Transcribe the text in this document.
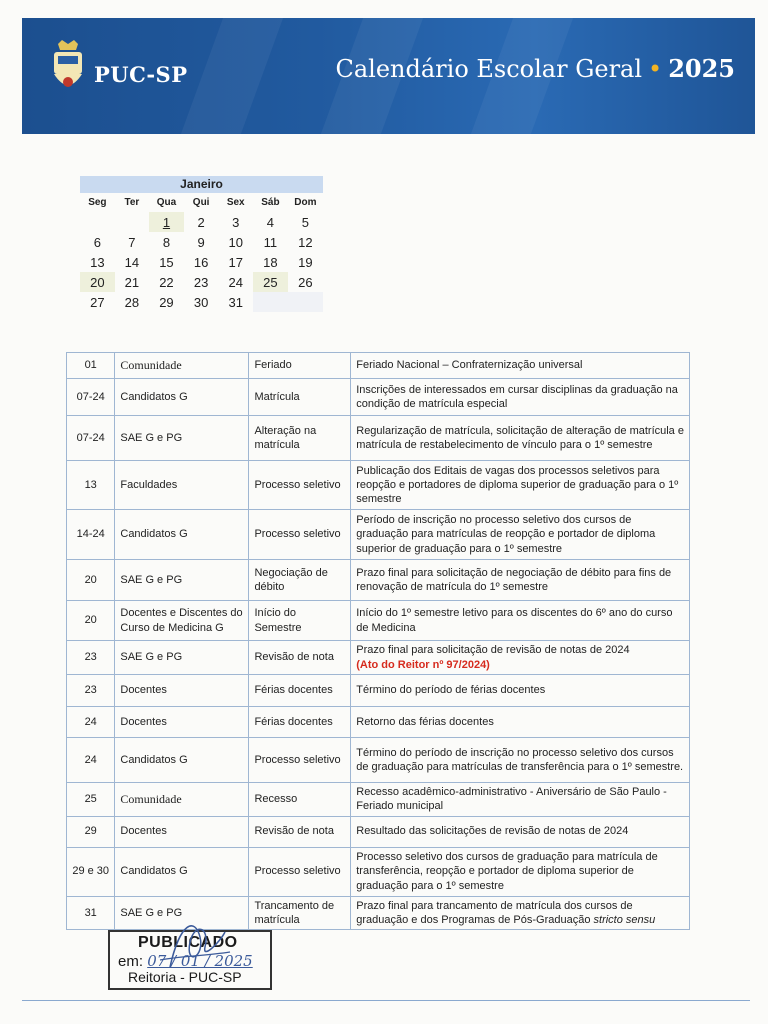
PUC-SP	Calendário Escolar Geral • 2025
Janeiro
Seg	Ter	Qua	Qui	Sex	Sáb	Dom
		1	2	3	4	5
6	7	8	9	10	11	12
13	14	15	16	17	18	19
20	21	22	23	24	25	26
27	28	29	30	31		
01	Comunidade	Feriado	Feriado Nacional – Confraternização universal
07-24	Candidatos G	Matrícula	Inscrições de interessados em cursar disciplinas da graduação na condição de matrícula especial
07-24	SAE G e PG	Alteração na matrícula	Regularização de matrícula, solicitação de alteração de matrícula e matrícula de restabelecimento de vínculo para o 1º semestre
13	Faculdades	Processo seletivo	Publicação dos Editais de vagas dos processos seletivos para reopção e portadores de diploma superior de graduação para o 1º semestre
14-24	Candidatos G	Processo seletivo	Período de inscrição no processo seletivo dos cursos de graduação para matrículas de reopção e portador de diploma superior de graduação para o 1º semestre
20	SAE G e PG	Negociação de débito	Prazo final para solicitação de negociação de débito para fins de renovação de matrícula do 1º semestre
20	Docentes e Discentes do Curso de Medicina G	Início do Semestre	Início do 1º semestre letivo para os discentes do 6º ano do curso de Medicina
23	SAE G e PG	Revisão de nota	Prazo final para solicitação de revisão de notas de 2024
(Ato do Reitor nº 97/2024)
23	Docentes	Férias docentes	Término do período de férias docentes
24	Docentes	Férias docentes	Retorno das férias docentes
24	Candidatos G	Processo seletivo	Término do período de inscrição no processo seletivo dos cursos de graduação para matrículas de transferência para o 1º semestre.
25	Comunidade	Recesso	Recesso acadêmico-administrativo - Aniversário de São Paulo - Feriado municipal
29	Docentes	Revisão de nota	Resultado das solicitações de revisão de notas de 2024
29 e 30	Candidatos G	Processo seletivo	Processo seletivo dos cursos de graduação para matrícula de transferência, reopção e portador de diploma superior de graduação para o 1º semestre
31	SAE G e PG	Trancamento de matrícula	Prazo final para trancamento de matrícula dos cursos de graduação e dos Programas de Pós-Graduação stricto sensu
PUBLICADO
em: 07 / 01 / 2025
Reitoria - PUC-SP
